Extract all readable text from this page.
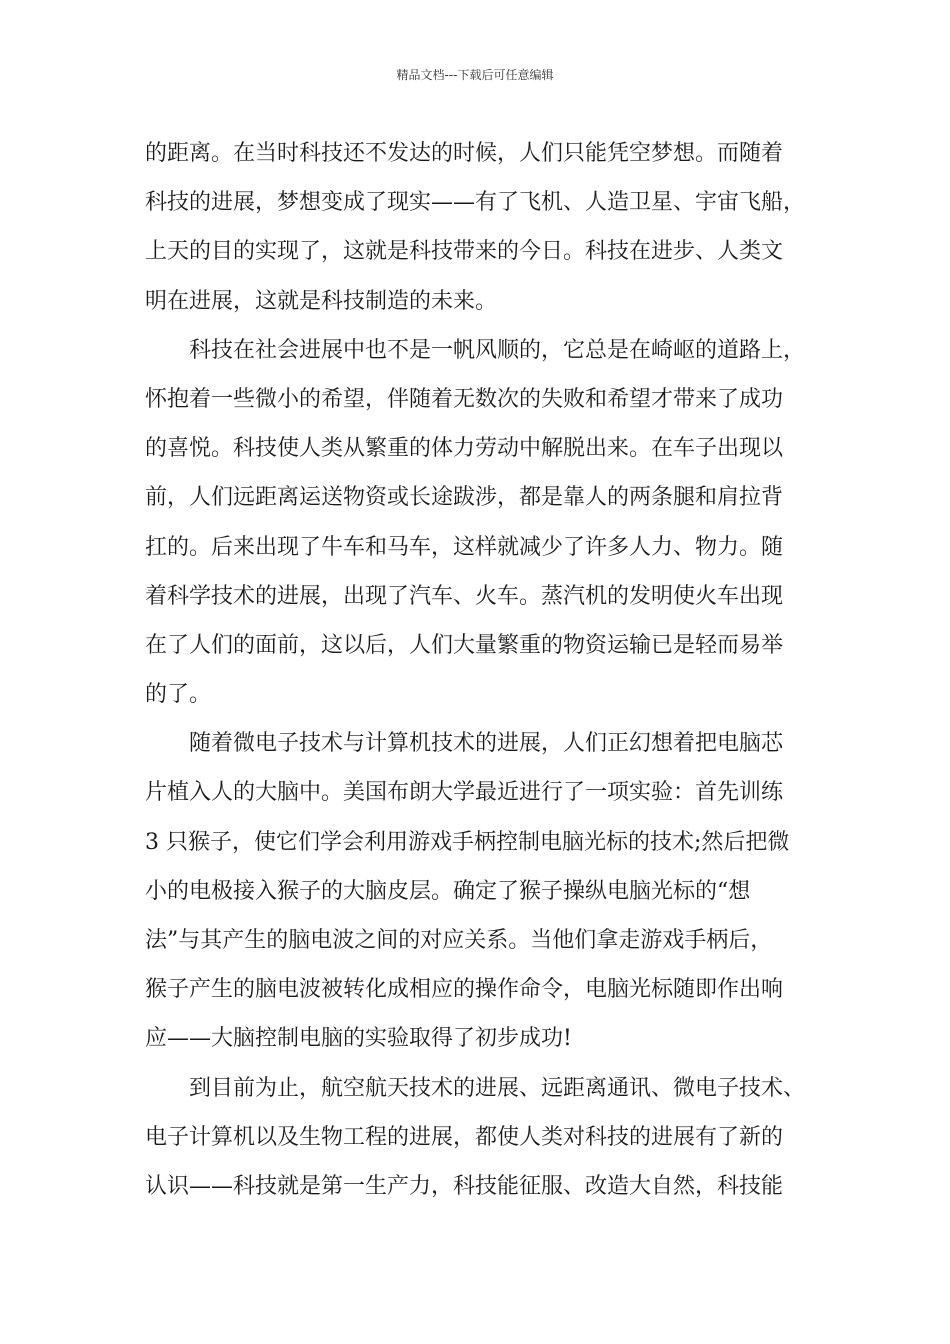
精品文档---下载后可任意编辑

的距离。在当时科技还不发达的时候，人们只能凭空梦想。而随着
科技的进展，梦想变成了现实——有了飞机、人造卫星、宇宙飞船，
上天的目的实现了，这就是科技带来的今日。科技在进步、人类文
明在进展，这就是科技制造的未来。

科技在社会进展中也不是一帆风顺的，它总是在崎岖的道路上，
怀抱着一些微小的希望，伴随着无数次的失败和希望才带来了成功
的喜悦。科技使人类从繁重的体力劳动中解脱出来。在车子出现以
前，人们远距离运送物资或长途跋涉，都是靠人的两条腿和肩拉背
扛的。后来出现了牛车和马车，这样就减少了许多人力、物力。随
着科学技术的进展，出现了汽车、火车。蒸汽机的发明使火车出现
在了人们的面前，这以后，人们大量繁重的物资运输已是轻而易举
的了。

随着微电子技术与计算机技术的进展，人们正幻想着把电脑芯
片植入人的大脑中。美国布朗大学最近进行了一项实验：首先训练
3 只猴子，使它们学会利用游戏手柄控制电脑光标的技术;然后把微
小的电极接入猴子的大脑皮层。确定了猴子操纵电脑光标的“想
法”与其产生的脑电波之间的对应关系。当他们拿走游戏手柄后，
猴子产生的脑电波被转化成相应的操作命令，电脑光标随即作出响
应——大脑控制电脑的实验取得了初步成功!

到目前为止，航空航天技术的进展、远距离通讯、微电子技术、
电子计算机以及生物工程的进展，都使人类对科技的进展有了新的
认识——科技就是第一生产力，科技能征服、改造大自然，科技能
